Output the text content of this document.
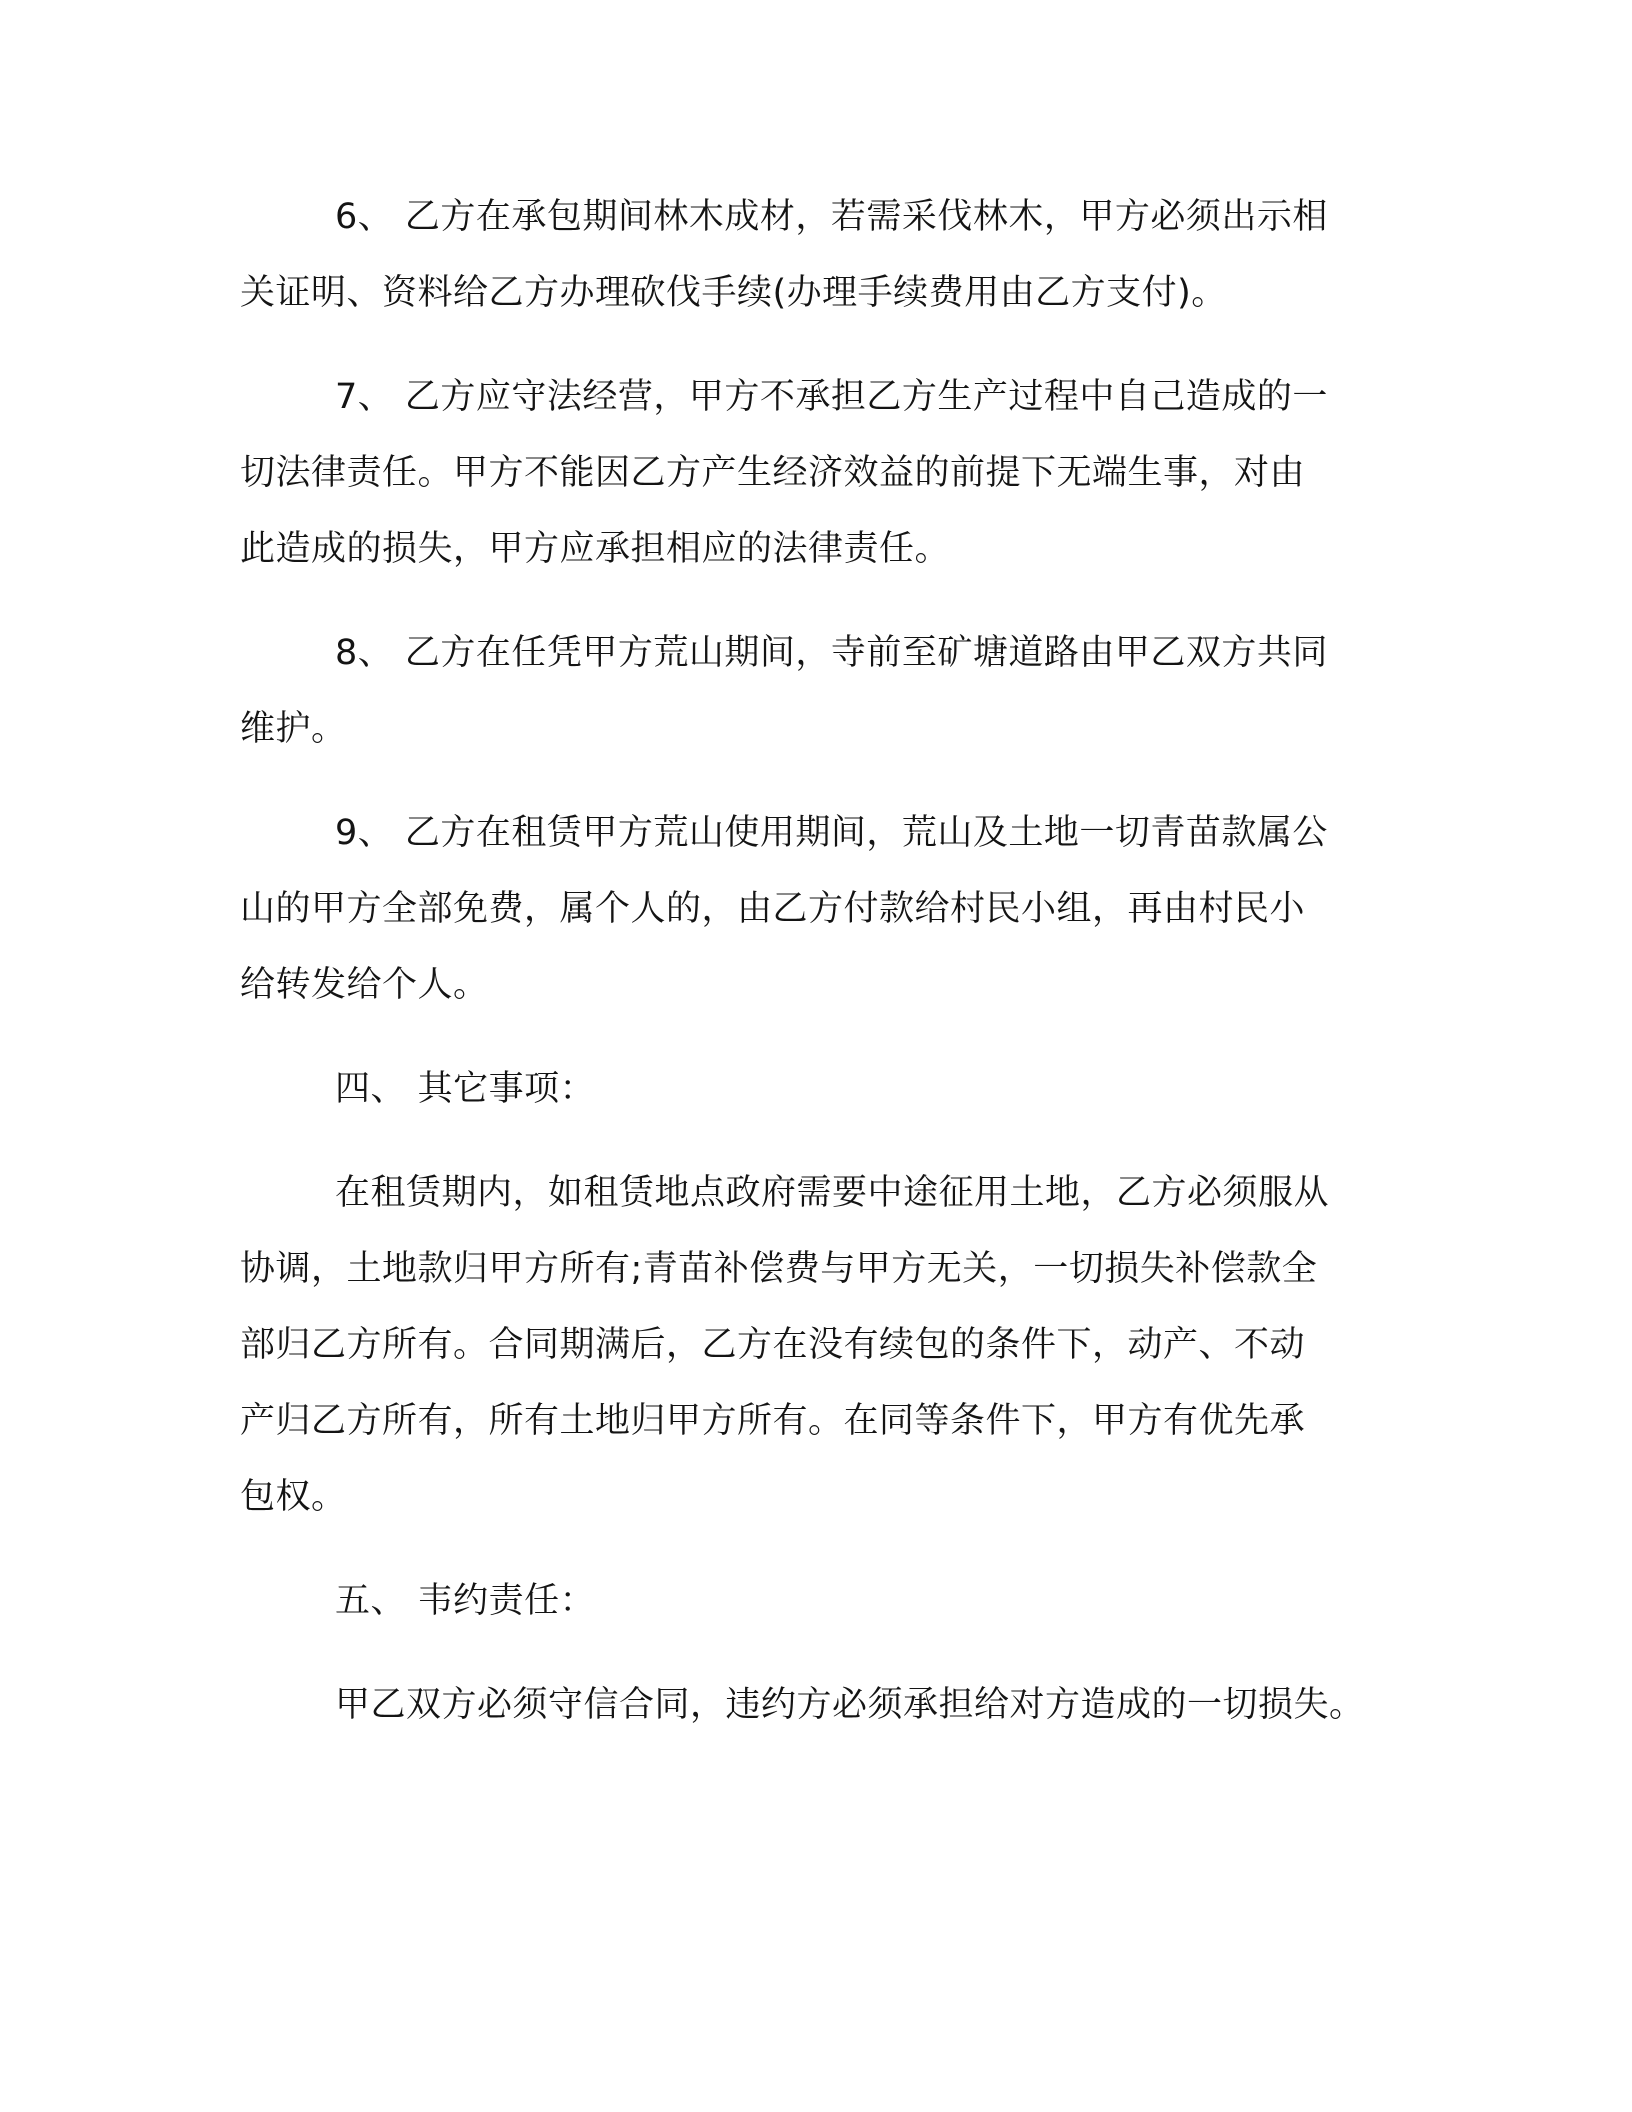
6、 乙方在承包期间林木成材，若需采伐林木，甲方必须出示相
关证明、资料给乙方办理砍伐手续(办理手续费用由乙方支付)。
7、 乙方应守法经营，甲方不承担乙方生产过程中自己造成的一
切法律责任。甲方不能因乙方产生经济效益的前提下无端生事，对由
此造成的损失，甲方应承担相应的法律责任。
8、 乙方在任凭甲方荒山期间，寺前至矿塘道路由甲乙双方共同
维护。
9、 乙方在租赁甲方荒山使用期间，荒山及土地一切青苗款属公
山的甲方全部免费，属个人的，由乙方付款给村民小组，再由村民小
给转发给个人。
四、 其它事项：
在租赁期内，如租赁地点政府需要中途征用土地，乙方必须服从
协调，土地款归甲方所有;青苗补偿费与甲方无关，一切损失补偿款全
部归乙方所有。合同期满后，乙方在没有续包的条件下，动产、不动
产归乙方所有，所有土地归甲方所有。在同等条件下，甲方有优先承
包权。
五、 韦约责任：
甲乙双方必须守信合同，违约方必须承担给对方造成的一切损失。
